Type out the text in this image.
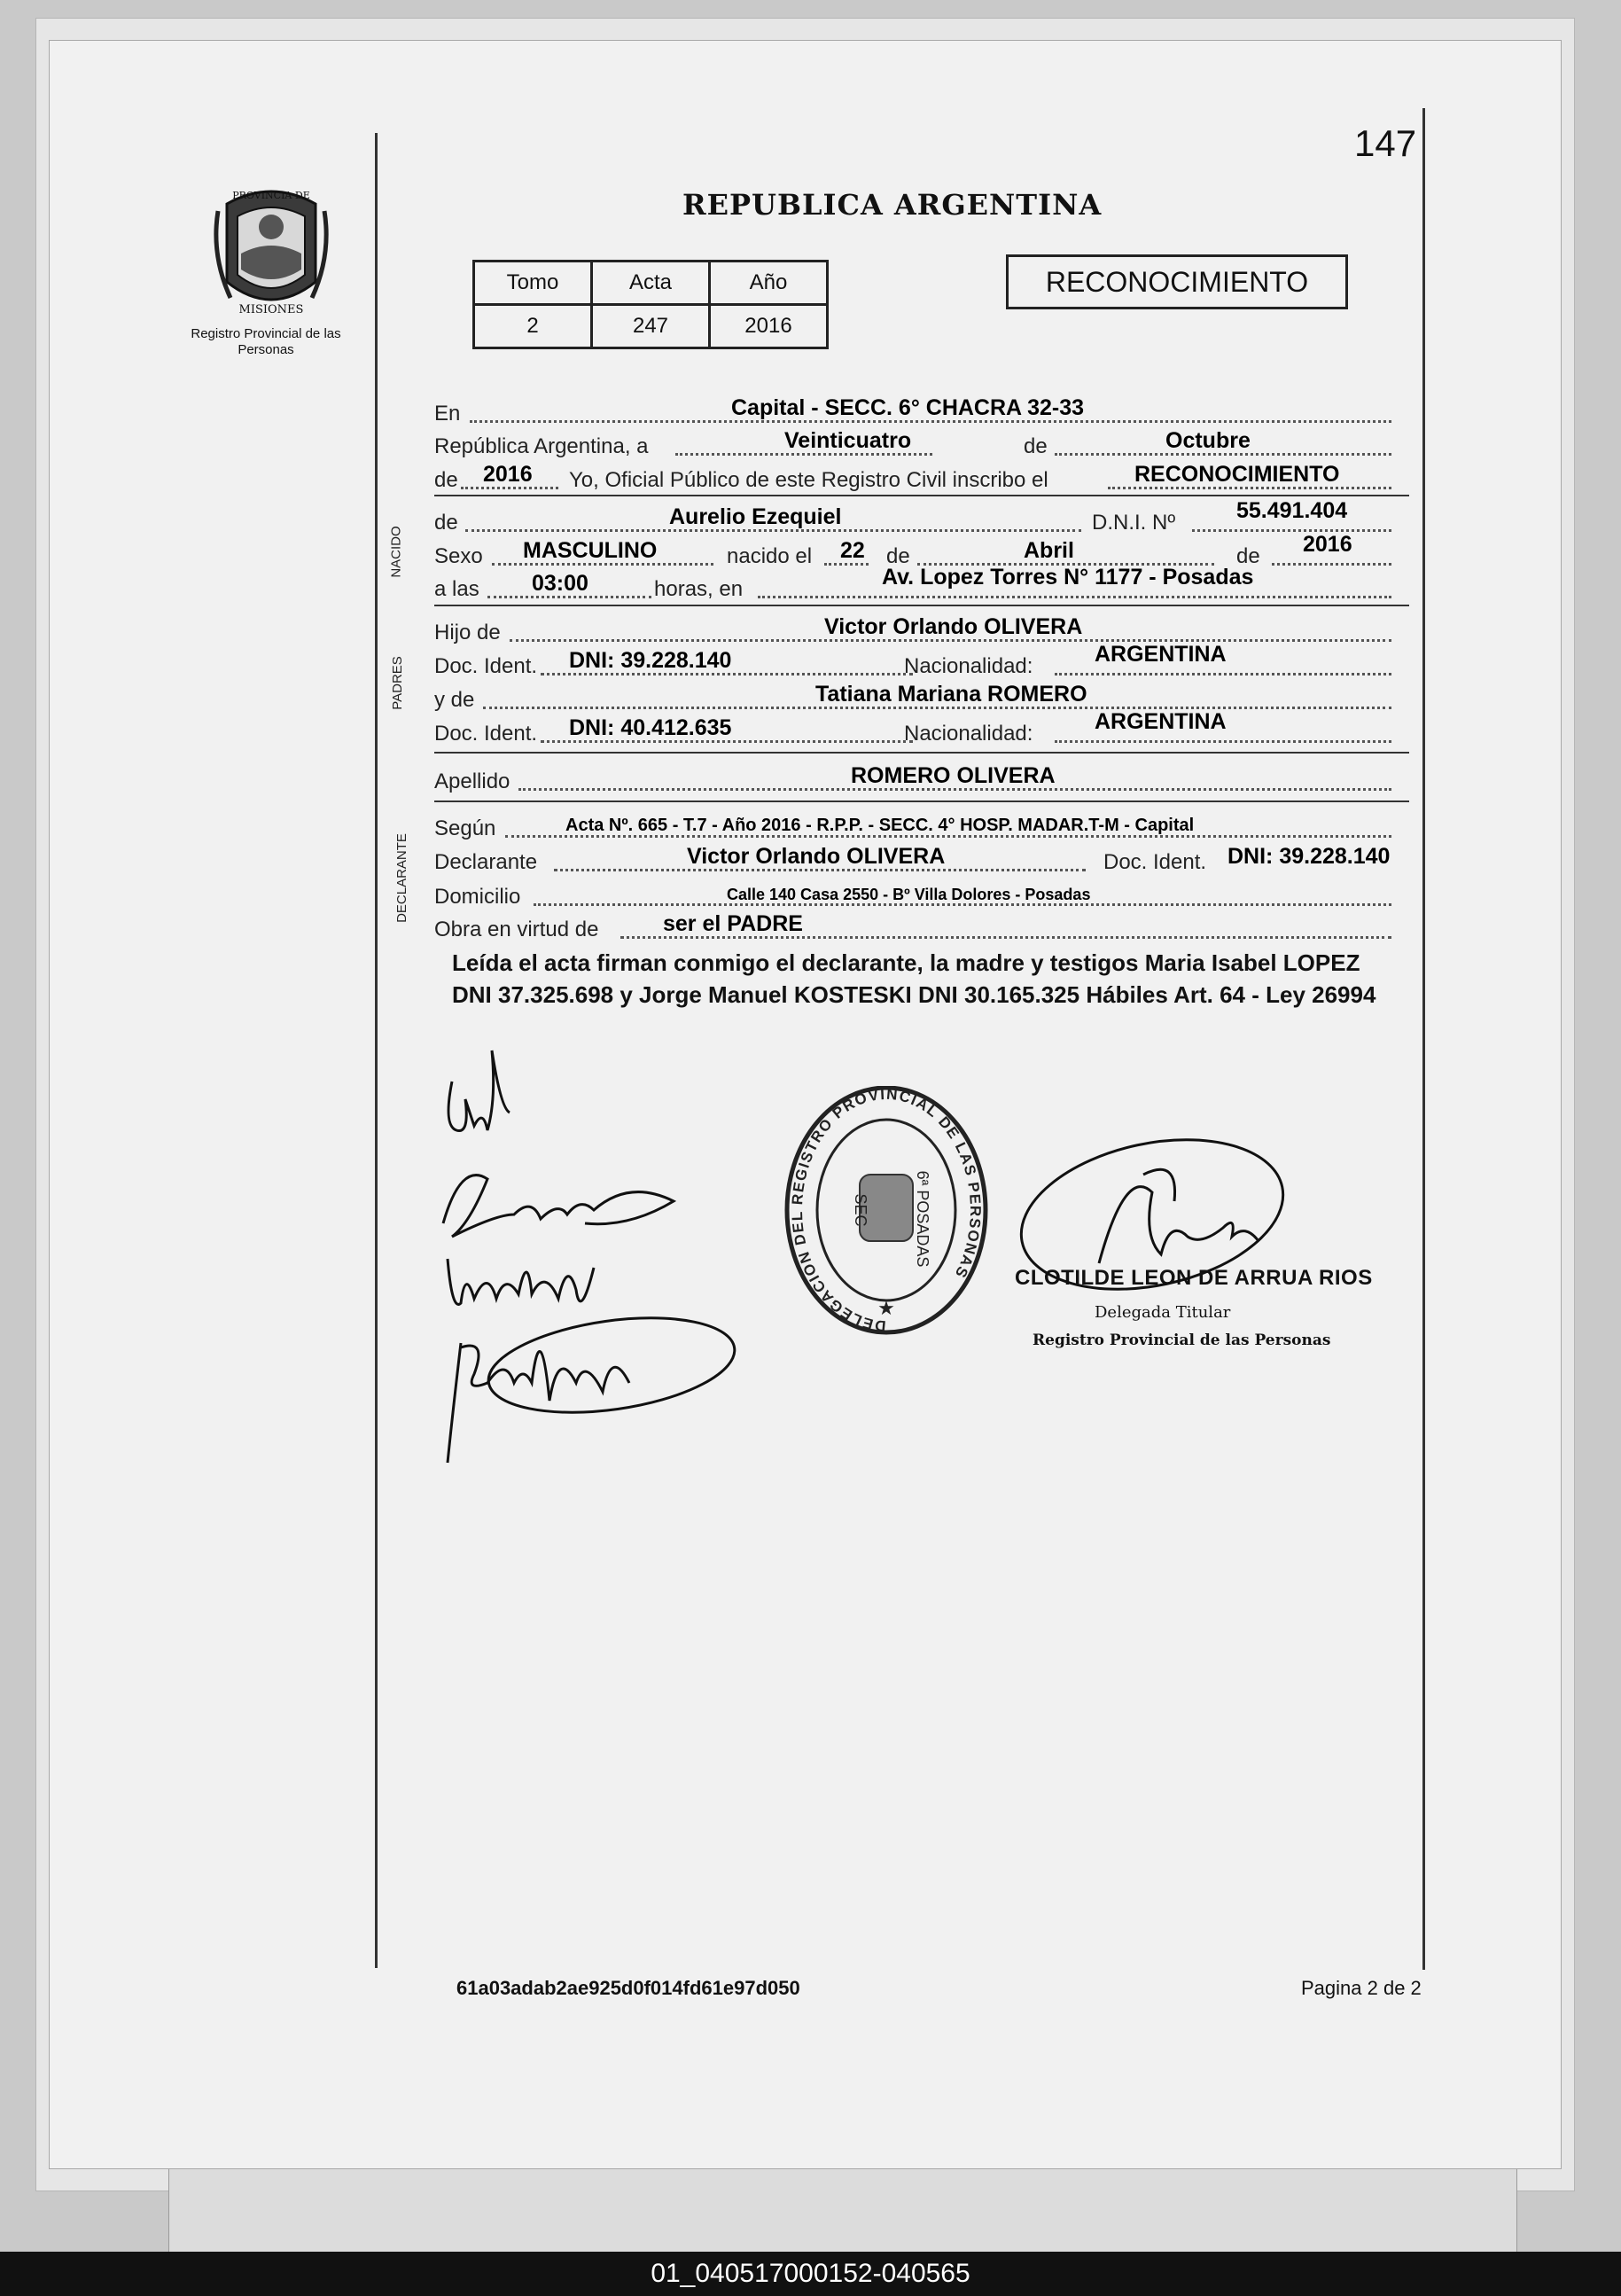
147
PROVINCIA DE
MISIONES
Registro Provincial de las Personas
REPUBLICA ARGENTINA
Tomo	Acta	Año
2	247	2016
RECONOCIMIENTO
NACIDO
PADRES
DECLARANTE
En	Capital - SECC. 6° CHACRA 32-33
República Argentina, a	Veinticuatro	de	Octubre
de 2016 Yo, Oficial Público de este Registro Civil inscribo el	RECONOCIMIENTO
de	Aurelio Ezequiel	D.N.I. Nº	55.491.404
Sexo MASCULINO	nacido el 22 de	Abril	de 2016
a las 03:00	horas, en	Av. Lopez Torres N° 1177 - Posadas
Hijo de	Victor Orlando OLIVERA
Doc. Ident. DNI: 39.228.140	Nacionalidad:	ARGENTINA
y de	Tatiana Mariana ROMERO
Doc. Ident. DNI: 40.412.635	Nacionalidad:	ARGENTINA
Apellido	ROMERO OLIVERA
Según	Acta Nº. 665 - T.7 - Año 2016 - R.P.P. - SECC. 4° HOSP. MADAR.T-M - Capital
Declarante	Victor Orlando OLIVERA	Doc. Ident. DNI: 39.228.140
Domicilio	Calle 140 Casa 2550 - Bº Villa Dolores - Posadas
Obra en virtud de	ser el PADRE
Leída el acta firman conmigo el declarante, la madre y testigos Maria Isabel LOPEZ DNI 37.325.698 y Jorge Manuel KOSTESKI DNI 30.165.325 Hábiles Art. 64 - Ley 26994
DELEGACION DEL REGISTRO PROVINCIAL DE LAS PERSONAS
SEC	6ª POSADAS
★
CLOTILDE LEON DE ARRUA RIOS
Delegada Titular
Registro Provincial de las Personas
61a03adab2ae925d0f014fd61e97d050	Pagina 2 de 2
01_040517000152-040565
